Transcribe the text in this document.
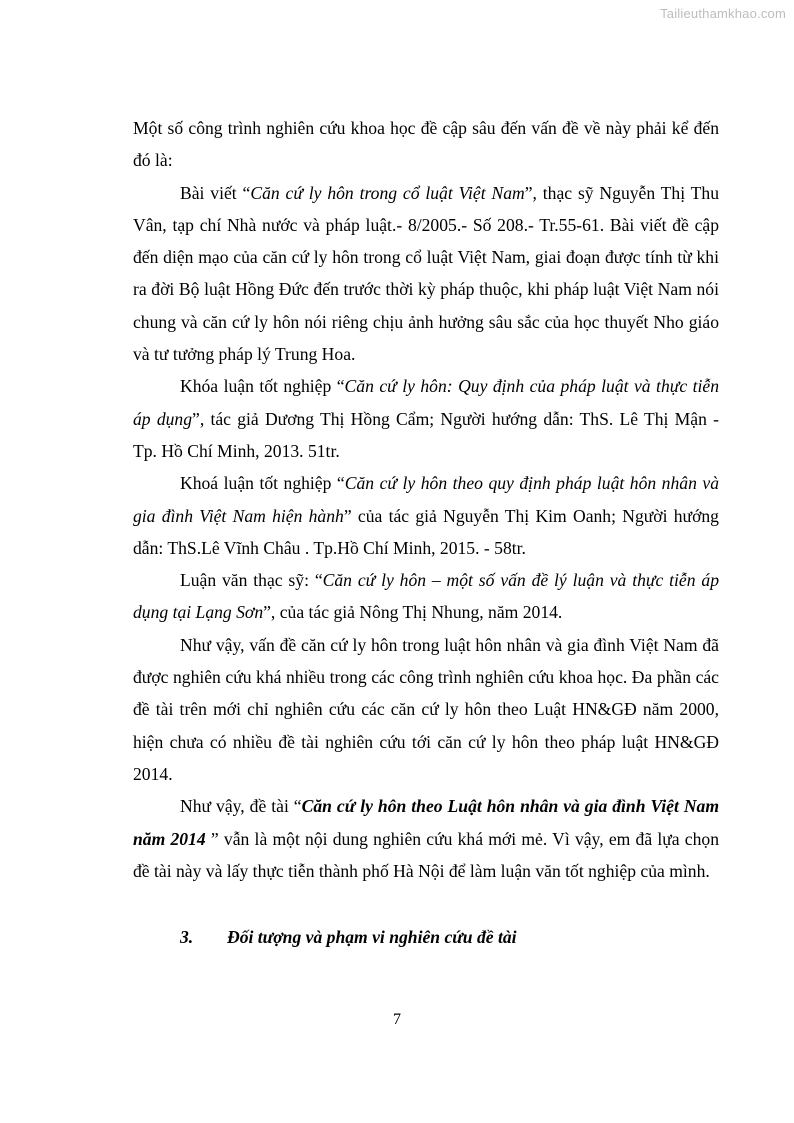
Tailieuthamkhao.com

Một số công trình nghiên cứu khoa học đề cập sâu đến vấn đề về này phải kể đến đó là:

Bài viết “Căn cứ ly hôn trong cổ luật Việt Nam”, thạc sỹ Nguyễn Thị Thu Vân, tạp chí Nhà nước và pháp luật.- 8/2005.- Số 208.- Tr.55-61. Bài viết đề cập đến diện mạo của căn cứ ly hôn trong cổ luật Việt Nam, giai đoạn được tính từ khi ra đời Bộ luật Hồng Đức đến trước thời kỳ pháp thuộc, khi pháp luật Việt Nam nói chung và căn cứ ly hôn nói riêng chịu ảnh hưởng sâu sắc của học thuyết Nho giáo và tư tưởng pháp lý Trung Hoa.

Khóa luận tốt nghiệp “Căn cứ ly hôn: Quy định của pháp luật và thực tiễn áp dụng”, tác giả Dương Thị Hồng Cẩm; Người hướng dẫn: ThS. Lê Thị Mận - Tp. Hồ Chí Minh, 2013. 51tr.

Khoá luận tốt nghiệp “Căn cứ ly hôn theo quy định pháp luật hôn nhân và gia đình Việt Nam hiện hành” của tác giả Nguyễn Thị Kim Oanh; Người hướng dẫn: ThS.Lê Vĩnh Châu . Tp.Hồ Chí Minh, 2015. - 58tr.

Luận văn thạc sỹ: “Căn cứ ly hôn – một số vấn đề lý luận và thực tiễn áp dụng tại Lạng Sơn”, của tác giả Nông Thị Nhung, năm 2014.

Như vậy, vấn đề căn cứ ly hôn trong luật hôn nhân và gia đình Việt Nam đã được nghiên cứu khá nhiều trong các công trình nghiên cứu khoa học. Đa phần các đề tài trên mới chỉ nghiên cứu các căn cứ ly hôn theo Luật HN&GĐ năm 2000, hiện chưa có nhiều đề tài nghiên cứu tới căn cứ ly hôn theo pháp luật HN&GĐ 2014.

Như vậy, đề tài “Căn cứ ly hôn theo Luật hôn nhân và gia đình Việt Nam năm 2014 ” vẫn là một nội dung nghiên cứu khá mới mẻ. Vì vậy, em đã lựa chọn đề tài này và lấy thực tiễn thành phố Hà Nội để làm luận văn tốt nghiệp của mình.

3. Đối tượng và phạm vi nghiên cứu đề tài

7
